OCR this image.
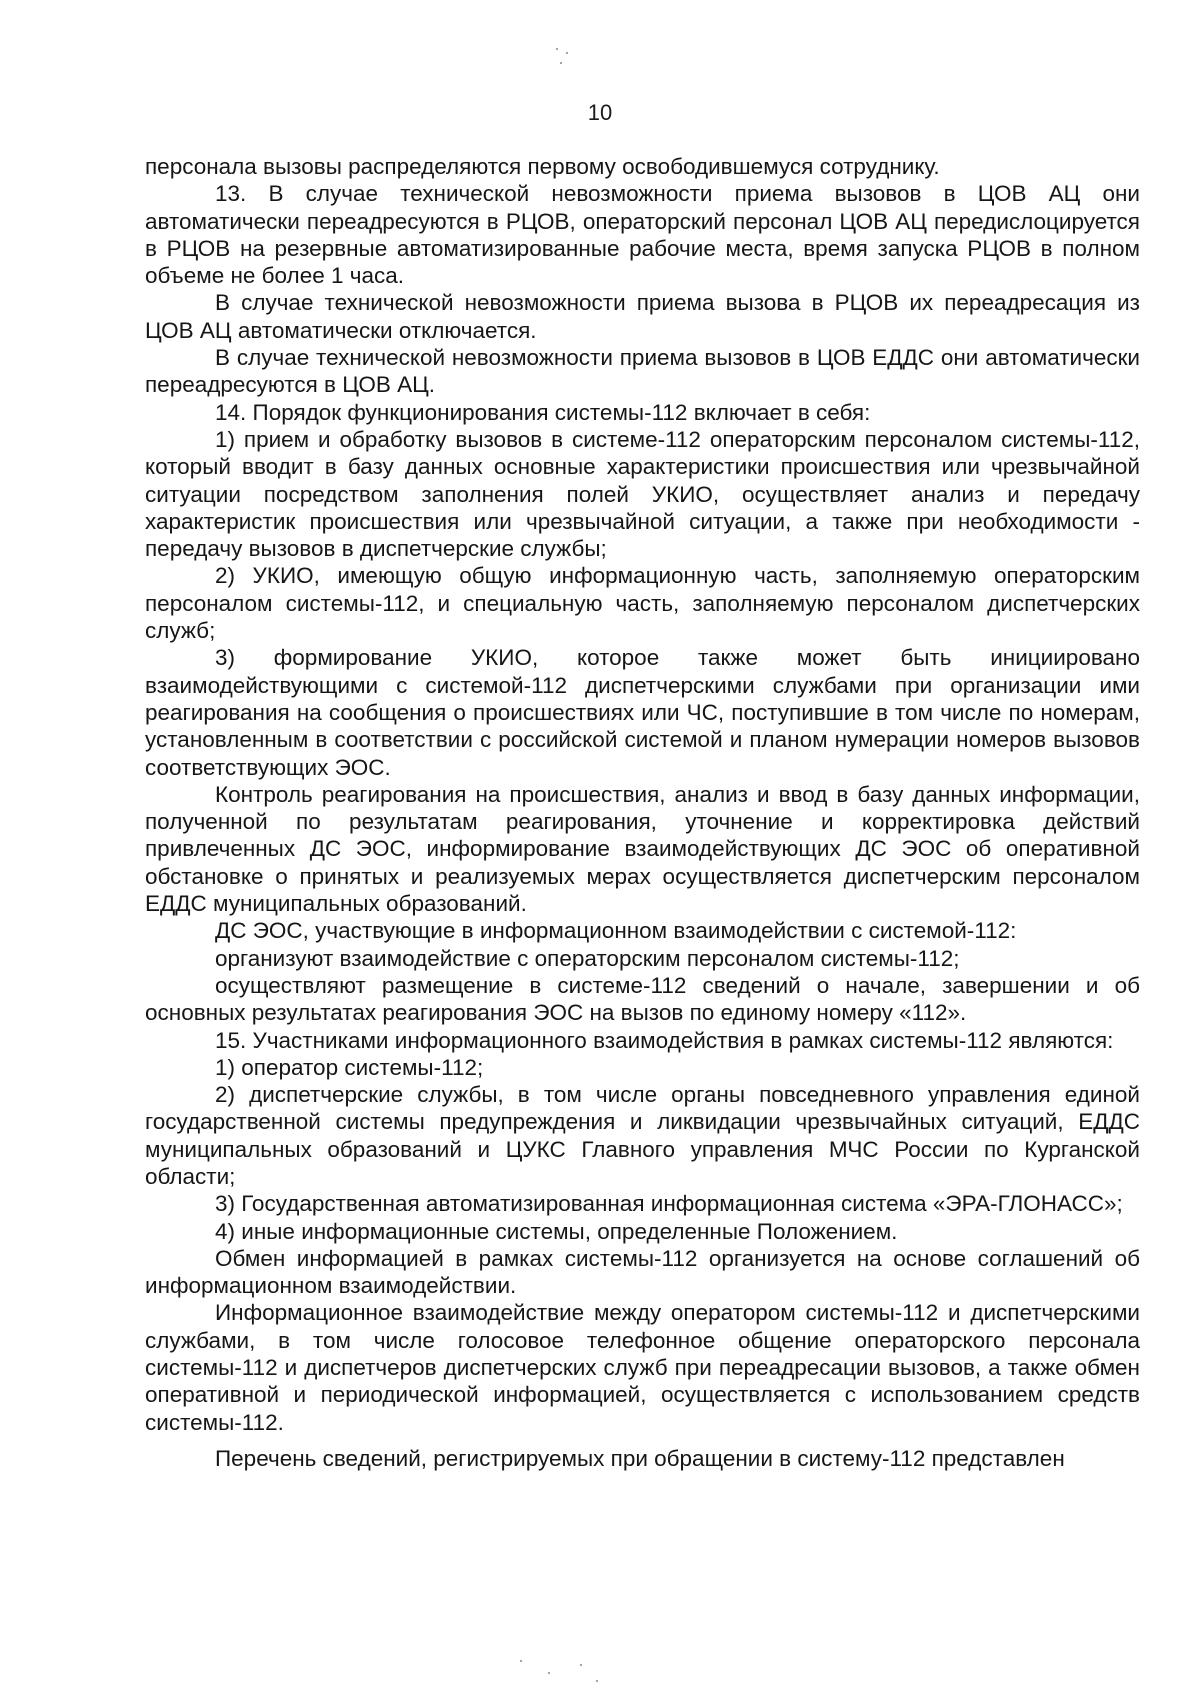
10

персонала вызовы распределяются первому освободившемуся сотруднику.

13. В случае технической невозможности приема вызовов в ЦОВ АЦ они автоматически переадресуются в РЦОВ, операторский персонал ЦОВ АЦ передислоцируется в РЦОВ на резервные автоматизированные рабочие места, время запуска РЦОВ в полном объеме не более 1 часа.

В случае технической невозможности приема вызова в РЦОВ их переадресация из ЦОВ АЦ автоматически отключается.

В случае технической невозможности приема вызовов в ЦОВ ЕДДС они автоматически переадресуются в ЦОВ АЦ.

14. Порядок функционирования системы-112 включает в себя:

1) прием и обработку вызовов в системе-112 операторским персоналом системы-112, который вводит в базу данных основные характеристики происшествия или чрезвычайной ситуации посредством заполнения полей УКИО, осуществляет анализ и передачу характеристик происшествия или чрезвычайной ситуации, а также при необходимости - передачу вызовов в диспетчерские службы;

2) УКИО, имеющую общую информационную часть, заполняемую операторским персоналом системы-112, и специальную часть, заполняемую персоналом диспетчерских служб;

3) формирование УКИО, которое также может быть инициировано взаимодействующими с системой-112 диспетчерскими службами при организации ими реагирования на сообщения о происшествиях или ЧС, поступившие в том числе по номерам, установленным в соответствии с российской системой и планом нумерации номеров вызовов соответствующих ЭОС.

Контроль реагирования на происшествия, анализ и ввод в базу данных информации, полученной по результатам реагирования, уточнение и корректировка действий привлеченных ДС ЭОС, информирование взаимодействующих ДС ЭОС об оперативной обстановке о принятых и реализуемых мерах осуществляется диспетчерским персоналом ЕДДС муниципальных образований.

ДС ЭОС, участвующие в информационном взаимодействии с системой-112:

организуют взаимодействие с операторским персоналом системы-112;

осуществляют размещение в системе-112 сведений о начале, завершении и об основных результатах реагирования ЭОС на вызов по единому номеру «112».

15. Участниками информационного взаимодействия в рамках системы-112 являются:

1) оператор системы-112;

2) диспетчерские службы, в том числе органы повседневного управления единой государственной системы предупреждения и ликвидации чрезвычайных ситуаций, ЕДДС муниципальных образований и ЦУКС Главного управления МЧС России по Курганской области;

3) Государственная автоматизированная информационная система «ЭРА-ГЛОНАСС»;

4) иные информационные системы, определенные Положением.

Обмен информацией в рамках системы-112 организуется на основе соглашений об информационном взаимодействии.

Информационное взаимодействие между оператором системы-112 и диспетчерскими службами, в том числе голосовое телефонное общение операторского персонала системы-112 и диспетчеров диспетчерских служб при переадресации вызовов, а также обмен оперативной и периодической информацией, осуществляется с использованием средств системы-112.

Перечень сведений, регистрируемых при обращении в систему-112 представлен
